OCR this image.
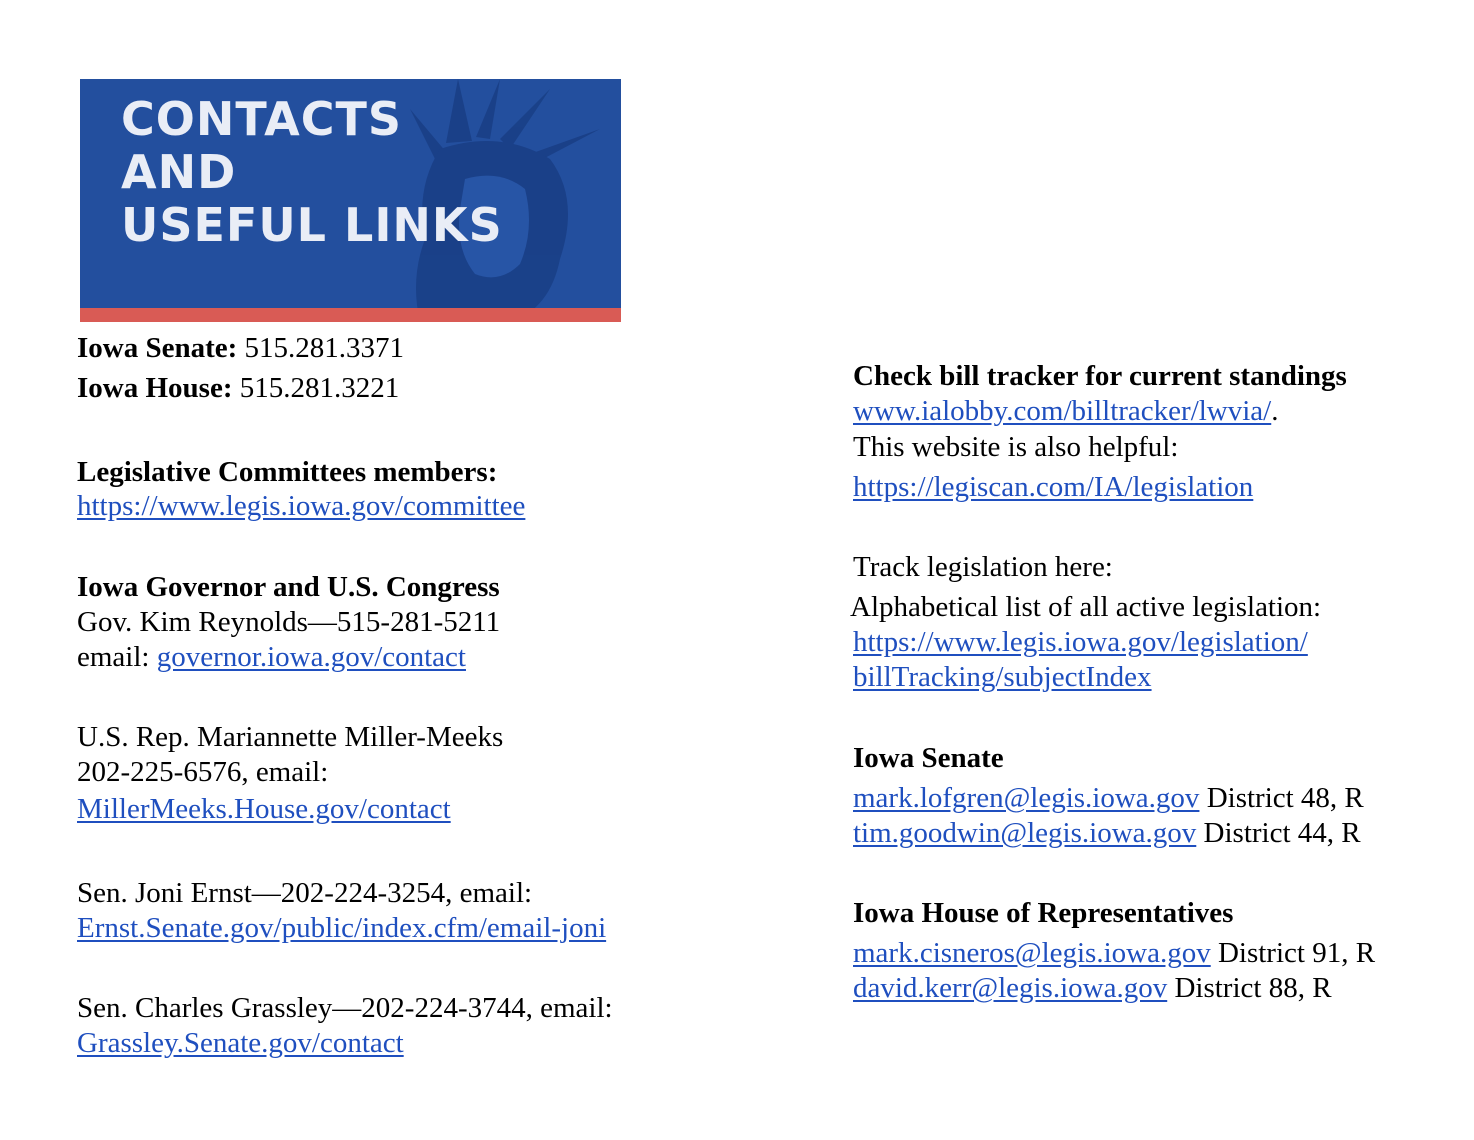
CONTACTS
AND
USEFUL LINKS
Iowa Senate: 515.281.3371
Iowa House: 515.281.3221
Legislative Committees members:
https://www.legis.iowa.gov/committee
Iowa Governor and U.S. Congress
Gov. Kim Reynolds—515-281-5211
email: governor.iowa.gov/contact
U.S. Rep. Mariannette Miller-Meeks
202-225-6576, email:
MillerMeeks.House.gov/contact
Sen. Joni Ernst—202-224-3254, email:
Ernst.Senate.gov/public/index.cfm/email-joni
Sen. Charles Grassley—202-224-3744, email:
Grassley.Senate.gov/contact
Check bill tracker for current standings
www.ialobby.com/billtracker/lwvia/.
This website is also helpful:
https://legiscan.com/IA/legislation
Track legislation here:
Alphabetical list of all active legislation:
https://www.legis.iowa.gov/legislation/
billTracking/subjectIndex
Iowa Senate
mark.lofgren@legis.iowa.gov District 48, R
tim.goodwin@legis.iowa.gov District 44, R
Iowa House of Representatives
mark.cisneros@legis.iowa.gov District 91, R
david.kerr@legis.iowa.gov District 88, R
